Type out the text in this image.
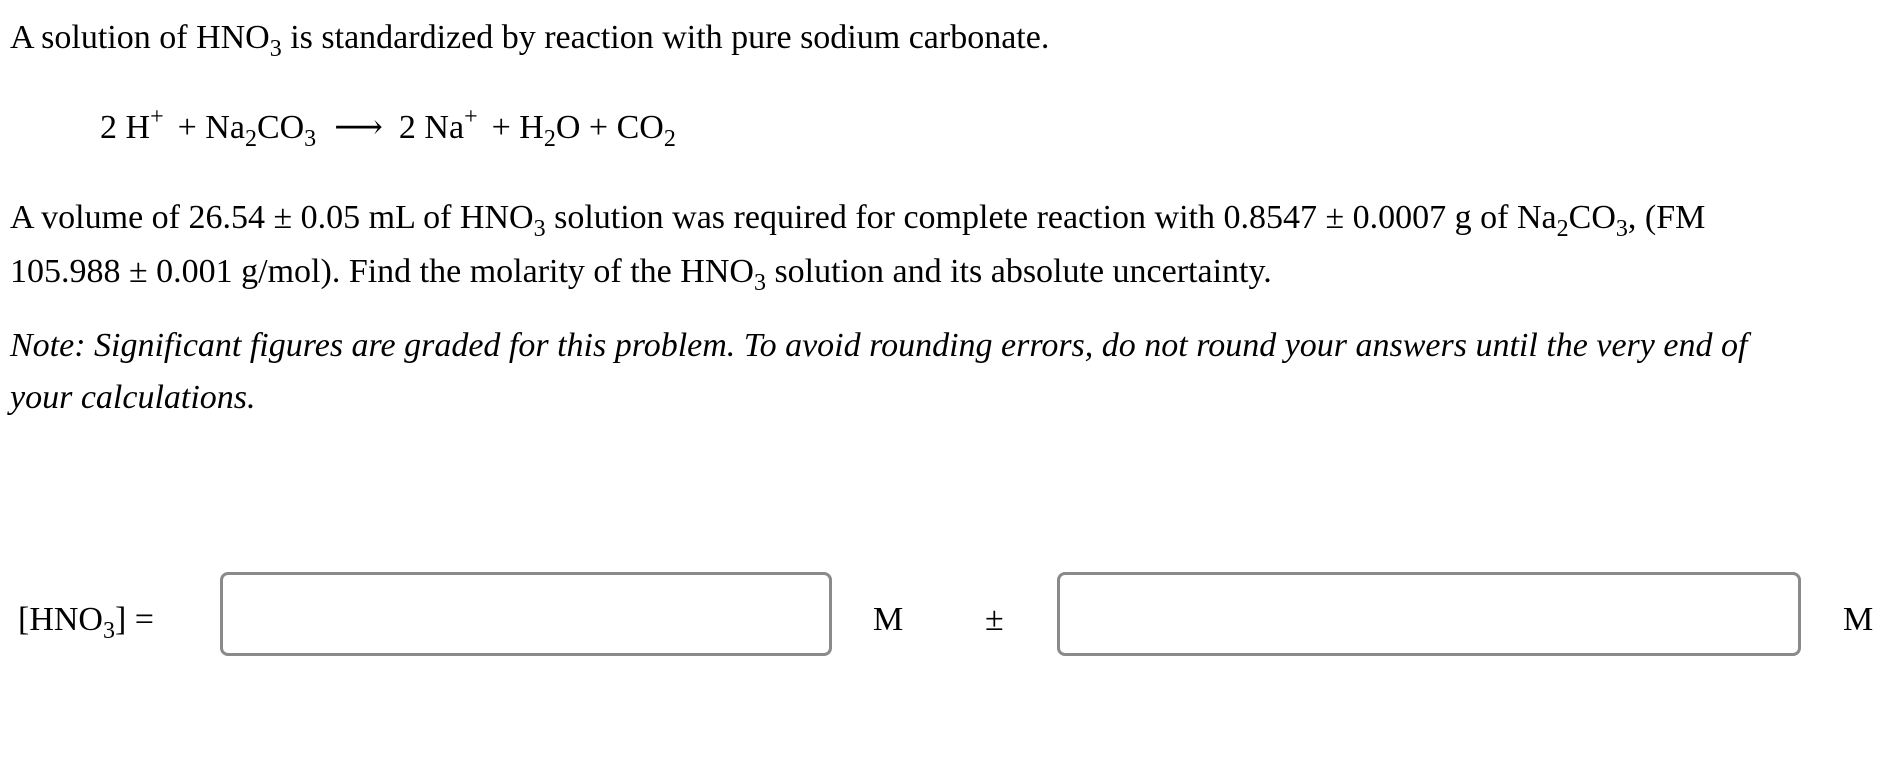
A solution of $HNO_3$ is standardized by reaction with pure sodium carbonate.
2 $H^+ + Na_2CO_3$ ⟶ 2 $Na^+ + H_2O + CO_2$
A volume of 26.54 ± 0.05 mL of $HNO_3$ solution was required for complete reaction with 0.8547 ± 0.0007 g of $Na_2CO_3$, (FM
105.988 ± 0.001 g/mol). Find the molarity of the $HNO_3$ solution and its absolute uncertainty.
Note: Significant figures are graded for this problem. To avoid rounding errors, do not round your answers until the very end of
your calculations.
$[HNO_3]$ =	M ±	M
